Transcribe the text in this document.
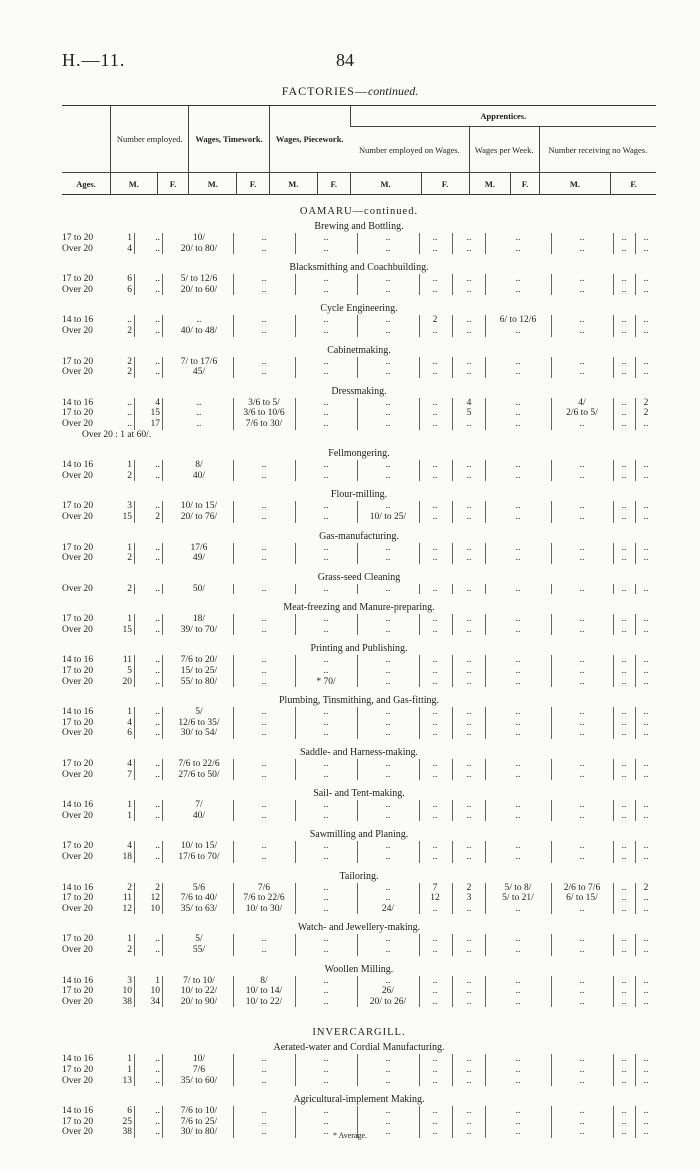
H.—11.	84
FACTORIES—continued.
	Number employed.		Wages, Timework.		Wages, Piecework.		Apprentices.					
							Number employed on Wages.		Wages per Week.		Number receiving no Wages.	
Ages.	M.	F.	M.	F.	M.	F.	M.	F.	M.	F.	M.	F.
OAMARU—continued.
Brewing and Bottling.
17 to 20	1	..	10/	..	..	..	..	..	..	..	..	..
Over 20	4	..	20/ to 80/	..	..	..	..	..	..	..	..	..
Blacksmithing and Coachbuilding.
17 to 20	6	..	5/ to 12/6	..	..	..	..	..	..	..	..	..
Over 20	6	..	20/ to 60/	..	..	..	..	..	..	..	..	..
Cycle Engineering.
14 to 16	..	..	..	..	..	..	2	..	6/ to 12/6	..	..	..
Over 20	2	..	40/ to 48/	..	..	..	..	..	..	..	..	..
Cabinetmaking.
17 to 20	2	..	7/ to 17/6	..	..	..	..	..	..	..	..	..
Over 20	2	..	45/	..	..	..	..	..	..	..	..	..
Dressmaking.
14 to 16	..	4	..	3/6 to 5/	..	..	..	4	..	4/	..	2
17 to 20	..	15	..	3/6 to 10/6	..	..	..	5	..	2/6 to 5/	..	2
Over 20	..	17	..	7/6 to 30/	..	..	..	..	..	..	..	..
Over 20 : 1 at 60/.
Fellmongering.
14 to 16	1	..	8/	..	..	..	..	..	..	..	..	..
Over 20	2	..	40/	..	..	..	..	..	..	..	..	..
Flour-milling.
17 to 20	3	..	10/ to 15/	..	..	..	..	..	..	..	..	..
Over 20	15	2	20/ to 76/	..	..	10/ to 25/	..	..	..	..	..	..
Gas-manufacturing.
17 to 20	1	..	17/6	..	..	..	..	..	..	..	..	..
Over 20	2	..	49/	..	..	..	..	..	..	..	..	..
Grass-seed Cleaning
Over 20	2	..	50/	..	..	..	..	..	..	..	..	..
Meat-freezing and Manure-preparing.
17 to 20	1	..	18/	..	..	..	..	..	..	..	..	..
Over 20	15	..	39/ to 70/	..	..	..	..	..	..	..	..	..
Printing and Publishing.
14 to 16	11	..	7/6 to 20/	..	..	..	..	..	..	..	..	..
17 to 20	5	..	15/ to 25/	..	..	..	..	..	..	..	..	..
Over 20	20	..	55/ to 80/	..	* 70/	..	..	..	..	..	..	..
Plumbing, Tinsmithing, and Gas-fitting.
14 to 16	1	..	5/	..	..	..	..	..	..	..	..	..
17 to 20	4	..	12/6 to 35/	..	..	..	..	..	..	..	..	..
Over 20	6	..	30/ to 54/	..	..	..	..	..	..	..	..	..
Saddle- and Harness-making.
17 to 20	4	..	7/6 to 22/6	..	..	..	..	..	..	..	..	..
Over 20	7	..	27/6 to 50/	..	..	..	..	..	..	..	..	..
Sail- and Tent-making.
14 to 16	1	..	7/	..	..	..	..	..	..	..	..	..
Over 20	1	..	40/	..	..	..	..	..	..	..	..	..
Sawmilling and Planing.
17 to 20	4	..	10/ to 15/	..	..	..	..	..	..	..	..	..
Over 20	18	..	17/6 to 70/	..	..	..	..	..	..	..	..	..
Tailoring.
14 to 16	2	2	5/6	7/6	..	..	7	2	5/ to 8/	2/6 to 7/6	..	2
17 to 20	11	12	7/6 to 40/	7/6 to 22/6	..	..	12	3	5/ to 21/	6/ to 15/	..	..
Over 20	12	10	35/ to 63/	10/ to 30/	..	24/	..	..	..	..	..	..
Watch- and Jewellery-making.
17 to 20	1	..	5/	..	..	..	..	..	..	..	..	..
Over 20	2	..	55/	..	..	..	..	..	..	..	..	..
Woollen Milling.
14 to 16	3	1	7/ to 10/	8/	..	..	..	..	..	..	..	..
17 to 20	10	10	10/ to 22/	10/ to 14/	..	26/	..	..	..	..	..	..
Over 20	38	34	20/ to 90/	10/ to 22/	..	20/ to 26/	..	..	..	..	..	..
INVERCARGILL.
Aerated-water and Cordial Manufacturing.
14 to 16	1	..	10/	..	..	..	..	..	..	..	..	..
17 to 20	1	..	7/6	..	..	..	..	..	..	..	..	..
Over 20	13	..	35/ to 60/	..	..	..	..	..	..	..	..	..
Agricultural-implement Making.
14 to 16	6	..	7/6 to 10/	..	..	..	..	..	..	..	..	..
17 to 20	25	..	7/6 to 25/	..	..	..	..	..	..	..	..	..
Over 20	38	..	30/ to 80/	..	..	..	..	..	..	..	..	..
* Average.
